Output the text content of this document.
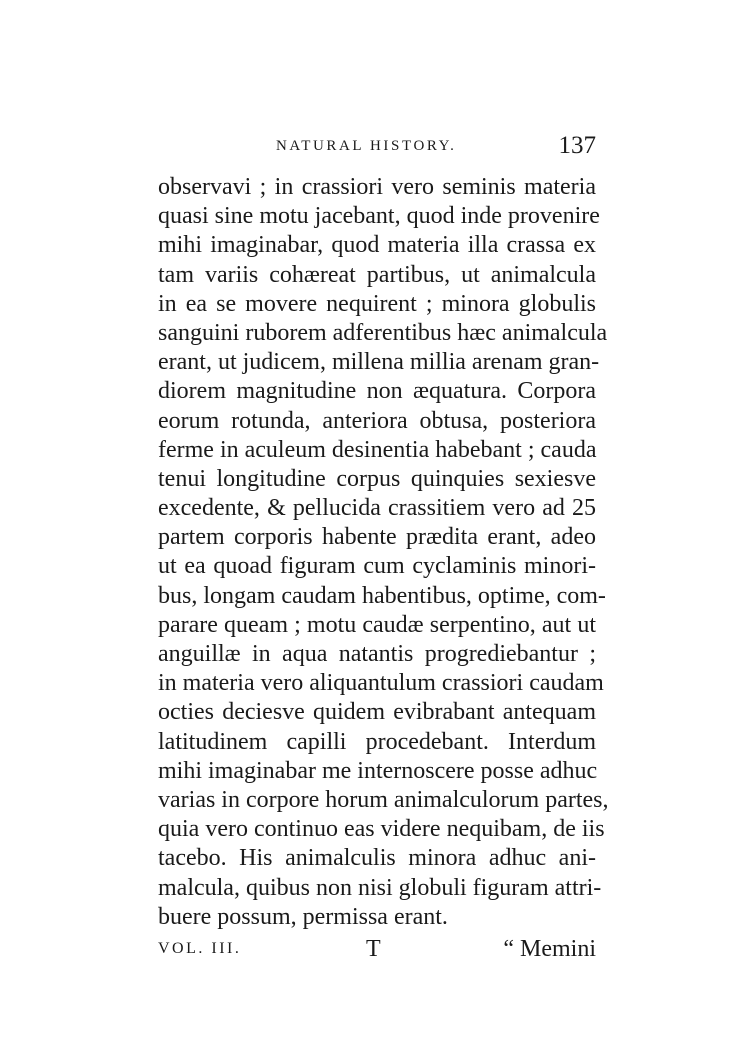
NATURAL HISTORY.	137
observavi ; in crassiori vero seminis materia
quasi sine motu jacebant, quod inde provenire
mihi imaginabar, quod materia illa crassa ex
tam variis cohæreat partibus, ut animalcula
in ea se movere nequirent ; minora globulis
sanguini ruborem adferentibus hæc animalcula
erant, ut judicem, millena millia arenam gran-
diorem magnitudine non æquatura. Corpora
eorum rotunda, anteriora obtusa, posteriora
ferme in aculeum desinentia habebant ; cauda
tenui longitudine corpus quinquies sexiesve
excedente, & pellucida crassitiem vero ad 25
partem corporis habente prædita erant, adeo
ut ea quoad figuram cum cyclaminis minori-
bus, longam caudam habentibus, optime, com-
parare queam ; motu caudæ serpentino, aut ut
anguillæ in aqua natantis progrediebantur ;
in materia vero aliquantulum crassiori caudam
octies deciesve quidem evibrabant antequam
latitudinem capilli procedebant. Interdum
mihi imaginabar me internoscere posse adhuc
varias in corpore horum animalculorum partes,
quia vero continuo eas videre nequibam, de iis
tacebo. His animalculis minora adhuc ani-
malcula, quibus non nisi globuli figuram attri-
buere possum, permissa erant.
VOL. III.	T	“ Memini
